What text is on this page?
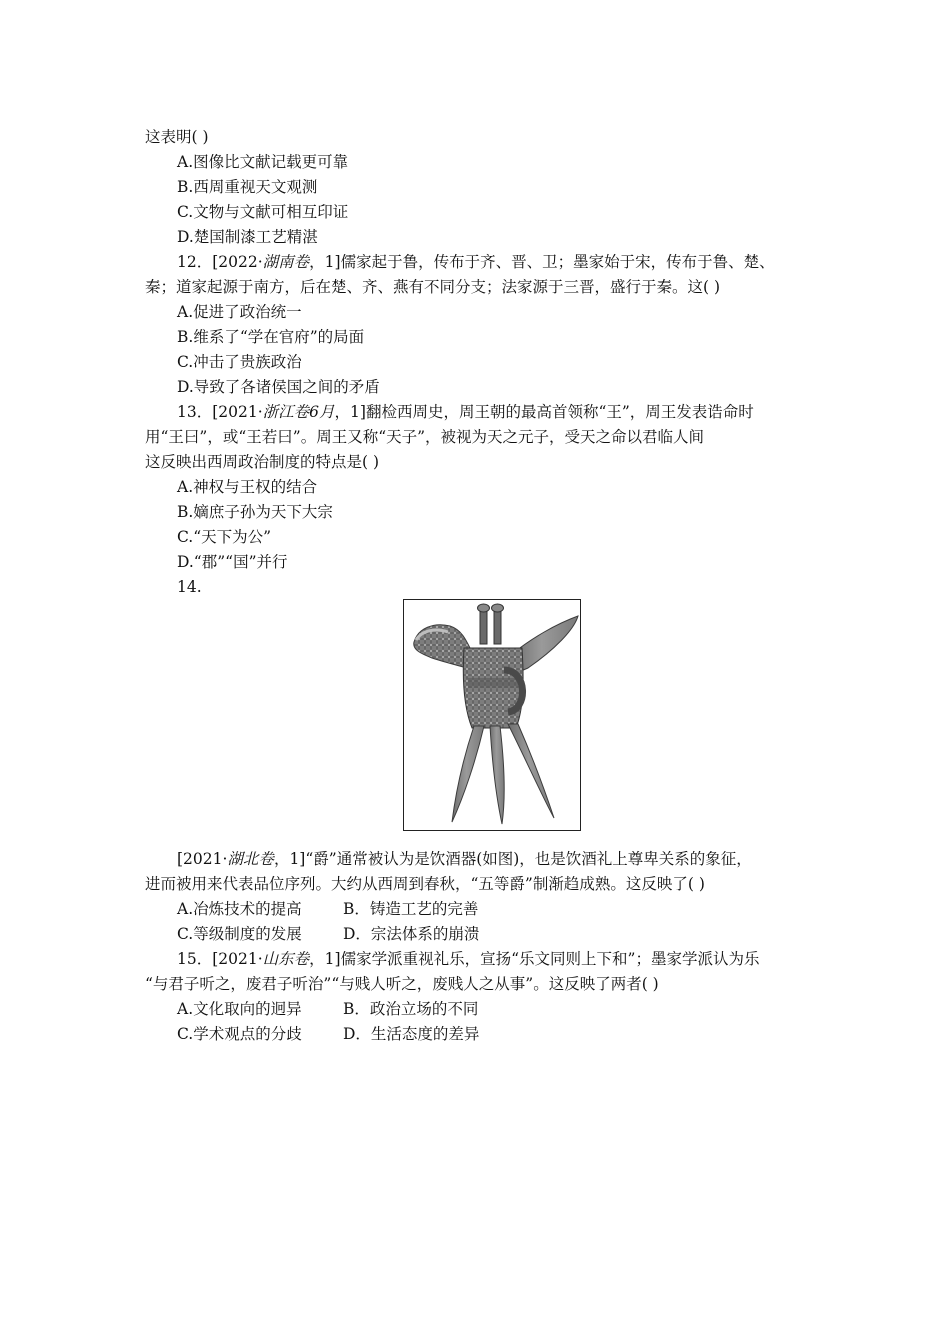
这表明( )
A.图像比文献记载更可靠
B.西周重视天文观测
C.文物与文献可相互印证
D.楚国制漆工艺精湛
12．[2022·湖南卷，1]儒家起于鲁，传布于齐、晋、卫；墨家始于宋，传布于鲁、楚、
秦；道家起源于南方，后在楚、齐、燕有不同分支；法家源于三晋，盛行于秦。这( )
A.促进了政治统一
B.维系了“学在官府”的局面
C.冲击了贵族政治
D.导致了各诸侯国之间的矛盾
13．[2021·浙江卷6月，1]翻检西周史，周王朝的最高首领称“王”，周王发表诰命时
用“王曰”，或“王若曰”。周王又称“天子”，被视为天之元子，受天之命以君临人间
这反映出西周政治制度的特点是( )
A.神权与王权的结合
B.嫡庶子孙为天下大宗
C.“天下为公”
D.“郡”“国”并行
14.
[2021·湖北卷，1]“爵”通常被认为是饮酒器(如图)，也是饮酒礼上尊卑关系的象征，
进而被用来代表品位序列。大约从西周到春秋，“五等爵”制渐趋成熟。这反映了( )
A.冶炼技术的提高	B．铸造工艺的完善
C.等级制度的发展	D．宗法体系的崩溃
15．[2021·山东卷，1]儒家学派重视礼乐，宣扬“乐文同则上下和”；墨家学派认为乐
“与君子听之，废君子听治”“与贱人听之，废贱人之从事”。这反映了两者( )
A.文化取向的迥异	B．政治立场的不同
C.学术观点的分歧	D．生活态度的差异
